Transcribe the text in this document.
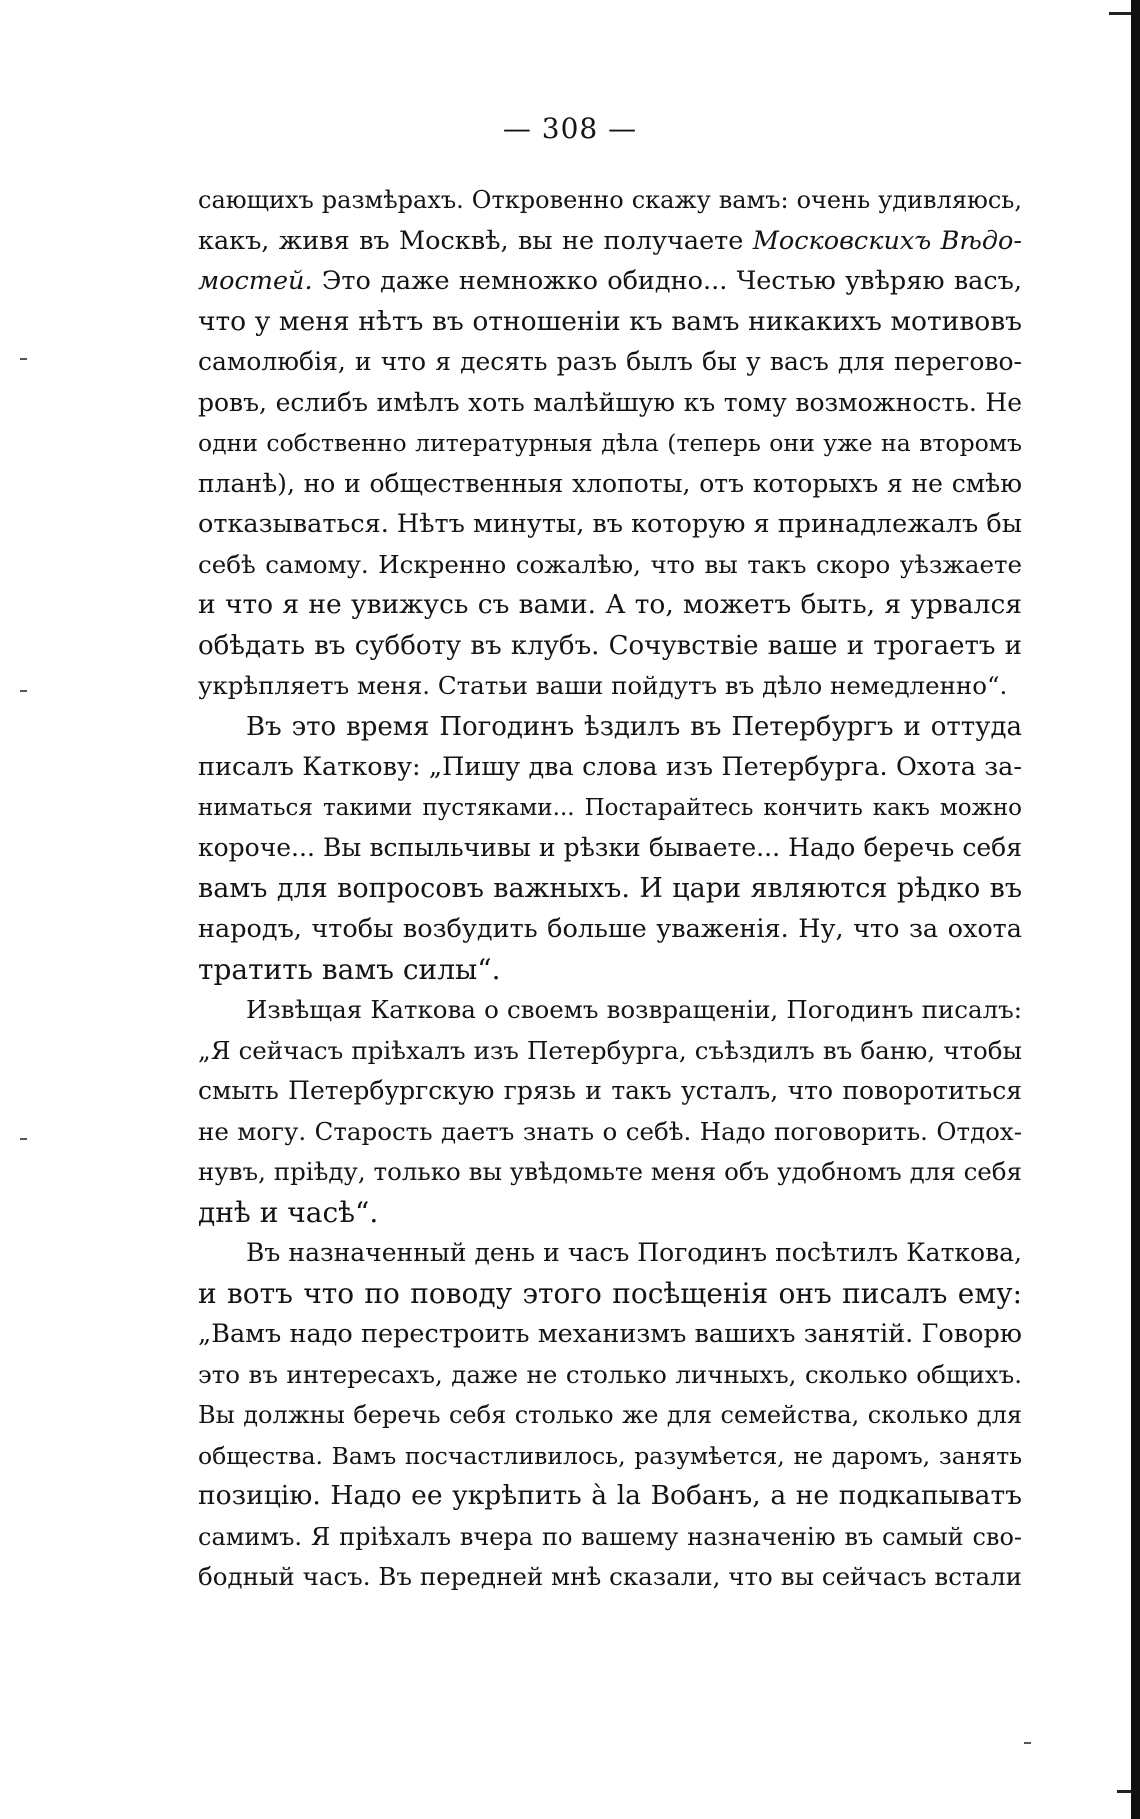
— 308 —
сающихъ размѣрахъ. Откровенно скажу вамъ: очень удивляюсь,
какъ, живя въ Москвѣ, вы не получаете Московскихъ Вѣдо-
мостей. Это даже немножко обидно... Честью увѣряю васъ,
что у меня нѣтъ въ отношеніи къ вамъ никакихъ мотивовъ
самолюбія, и что я десять разъ былъ бы у васъ для перегово-
ровъ, еслибъ имѣлъ хоть малѣйшую къ тому возможность. Не
одни собственно литературныя дѣла (теперь они уже на второмъ
планѣ), но и общественныя хлопоты, отъ которыхъ я не смѣю
отказываться. Нѣтъ минуты, въ которую я принадлежалъ бы
себѣ самому. Искренно сожалѣю, что вы такъ скоро уѣзжаете
и что я не увижусь съ вами. А то, можетъ быть, я урвался
обѣдать въ субботу въ клубъ. Сочувствіе ваше и трогаетъ и
укрѣпляетъ меня. Статьи ваши пойдутъ въ дѣло немедленно“.
Въ это время Погодинъ ѣздилъ въ Петербургъ и оттуда
писалъ Каткову: „Пишу два слова изъ Петербурга. Охота за-
ниматься такими пустяками... Постарайтесь кончить какъ можно
короче... Вы вспыльчивы и рѣзки бываете... Надо беречь себя
вамъ для вопросовъ важныхъ. И цари являются рѣдко въ
народъ, чтобы возбудить больше уваженія. Ну, что за охота
тратить вамъ силы“.
Извѣщая Каткова о своемъ возвращеніи, Погодинъ писалъ:
„Я сейчасъ пріѣхалъ изъ Петербурга, съѣздилъ въ баню, чтобы
смыть Петербургскую грязь и такъ усталъ, что поворотиться
не могу. Старость даетъ знать о себѣ. Надо поговорить. Отдох-
нувъ, пріѣду, только вы увѣдомьте меня объ удобномъ для себя
днѣ и часѣ“.
Въ назначенный день и часъ Погодинъ посѣтилъ Каткова,
и вотъ что по поводу этого посѣщенія онъ писалъ ему:
„Вамъ надо перестроить механизмъ вашихъ занятій. Говорю
это въ интересахъ, даже не столько личныхъ, сколько общихъ.
Вы должны беречь себя столько же для семейства, сколько для
общества. Вамъ посчастливилось, разумѣется, не даромъ, занять
позицію. Надо ее укрѣпить à la Вобанъ, а не подкапыватъ
самимъ. Я пріѣхалъ вчера по вашему назначенію въ самый сво-
бодный часъ. Въ передней мнѣ сказали, что вы сейчасъ встали
